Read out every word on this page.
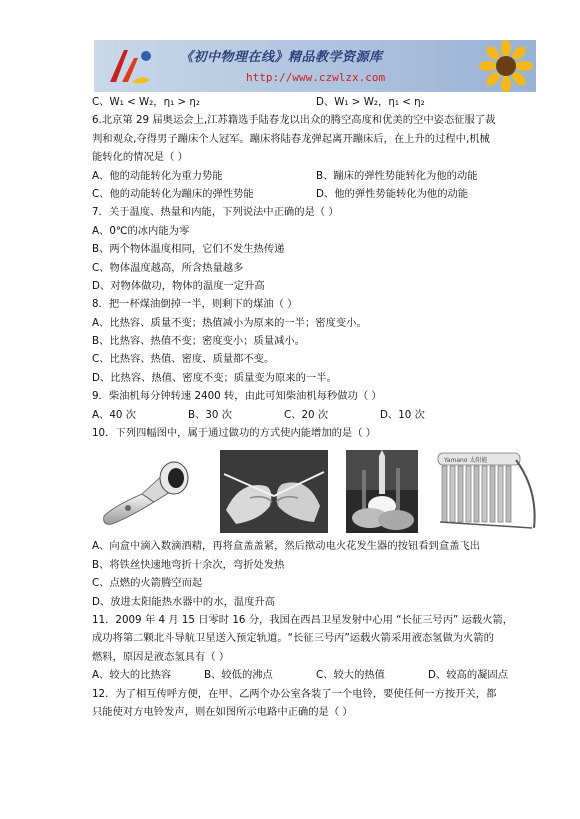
《初中物理在线》精品教学资源库
http://www.czwlzx.com
C、W₁ < W₂，η₁ > η₂	D、W₁ > W₂，η₁ < η₂
6.北京第 29 届奥运会上,江苏籍选手陆春龙以出众的腾空高度和优美的空中姿态征服了裁
判和观众,夺得男子蹦床个人冠军。蹦床将陆春龙弹起离开蹦床后，在上升的过程中,机械
能转化的情况是（ ）
A、他的动能转化为重力势能	B、蹦床的弹性势能转化为他的动能
C、他的动能转化为蹦床的弹性势能	D、他的弹性势能转化为他的动能
7．关于温度、热量和内能，下列说法中正确的是（ ）
A、0℃的冰内能为零
B、两个物体温度相同，它们不发生热传递
C、物体温度越高，所含热量越多
D、对物体做功，物体的温度一定升高
8．把一杯煤油倒掉一半，则剩下的煤油（ ）
A、比热容、质量不变；热值减小为原来的一半；密度变小。
B、比热容、热值不变；密度变小；质量减小。
C、比热容、热值、密度、质量都不变。
D、比热容、热值、密度不变；质量变为原来的一半。
9．柴油机每分钟转速 2400 转，由此可知柴油机每秒做功（ ）
A、40 次	B、30 次	C、20 次	D、10 次
10．下列四幅图中，属于通过做功的方式使内能增加的是（ ）
Yamano 太阳能
A、向盒中滴入数滴酒精，再将盒盖盖紧，然后揿动电火花发生器的按钮看到盒盖飞出
B、将铁丝快速地弯折十余次，弯折处发热
C、点燃的火箭腾空而起
D、放进太阳能热水器中的水，温度升高
11．2009 年 4 月 15 日零时 16 分，我国在西昌卫星发射中心用 “长征三号丙” 运载火箭，
成功将第二颗北斗导航卫星送入预定轨道。“长征三号丙”运载火箭采用液态氢做为火箭的
燃料，原因是液态氢具有（ ）
A、较大的比热容	B、较低的沸点	C、较大的热值	D、较高的凝固点
12．为了相互传呼方便，在甲、乙两个办公室各装了一个电铃，要使任何一方按开关，都
只能使对方电铃发声，则在如图所示电路中正确的是（ ）
